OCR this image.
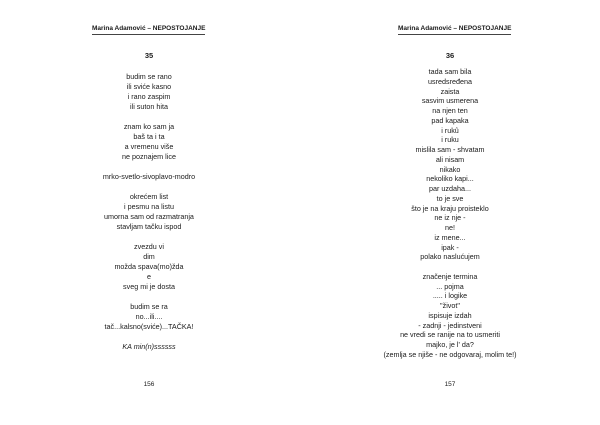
Marina Adamović – NEPOSTOJANJE
35
budim se rano
ili sviće kasno
i rano zaspim
ili suton hita
znam ko sam ja
baš ta i ta
a vremenu više
ne poznajem lice
mrko-svetlo-sivoplavo-modro
okrećem list
i pesmu na listu
umorna sam od razmatranja
stavljam tačku ispod
zvezdu vi
dim
možda spava(mo)žda
e
sveg mi je dosta
budim se ra
no...ili....
tač...kalsno(sviće)...TAČKA!
KA min(n)ssssss
156
Marina Adamović – NEPOSTOJANJE
36
tada sam bila
usredsređena
zaista
sasvim usmerena
na njen ten
pad kapaka
i rukû
i ruku
mislila sam - shvatam
ali nisam
nikako
nekoliko kapi...
par uzdaha...
to je sve
što je na kraju proisteklo
ne iz nje -
ne!
iz mene...
ipak -
polako naslućujem
značenje termina
... pojma
..... i logike
"život"
ispisuje izdah
- zadnji - jedinstveni
ne vredi se ranije na to usmeriti
majko, je l' da?
(zemlja se njiše - ne odgovaraj, molim te!)
157
